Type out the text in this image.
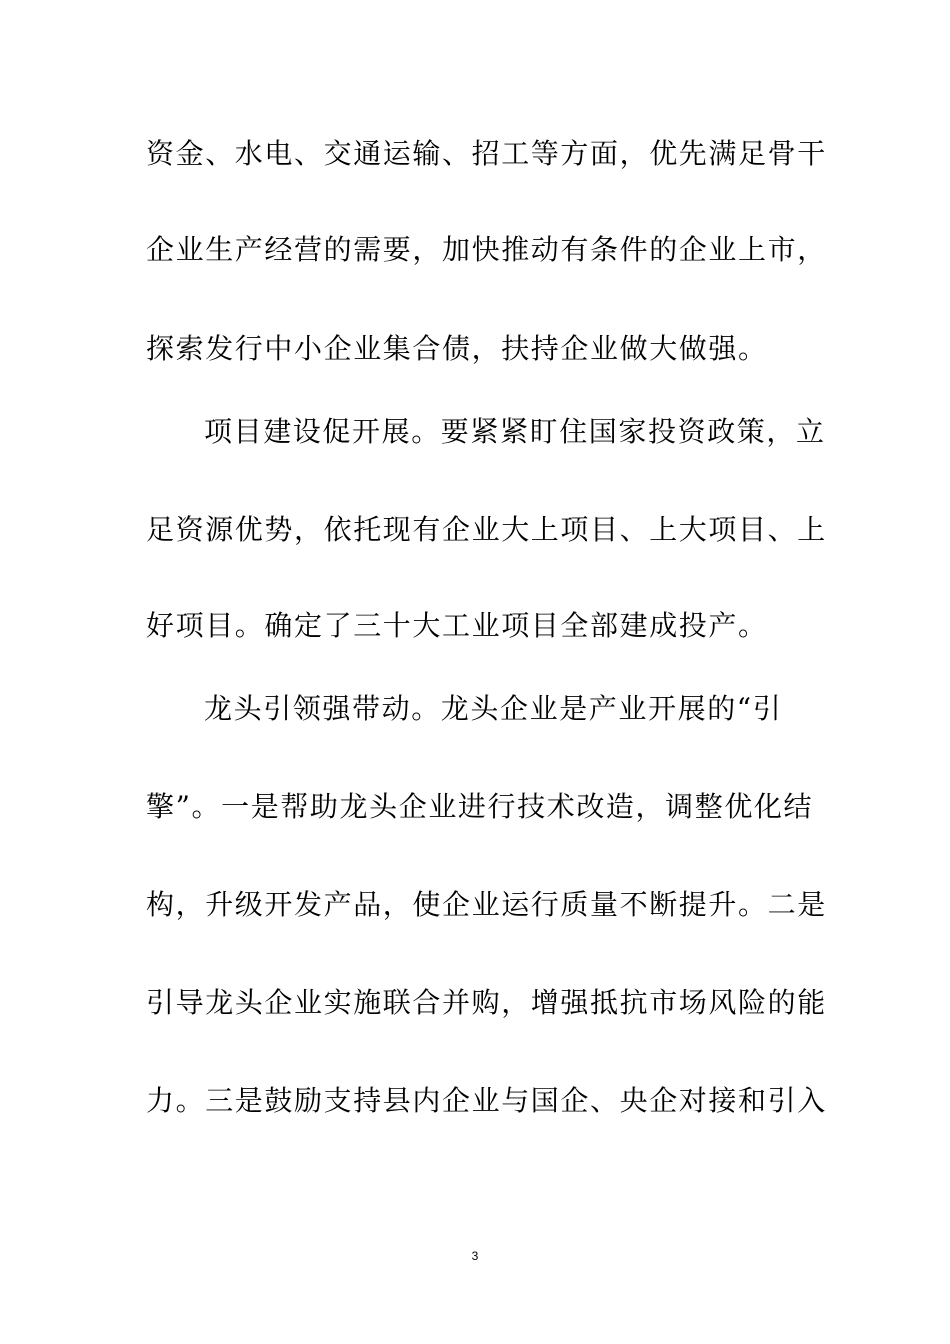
资金、水电、交通运输、招工等方面，优先满足骨干
企业生产经营的需要，加快推动有条件的企业上市，
探索发行中小企业集合债，扶持企业做大做强。
项目建设促开展。要紧紧盯住国家投资政策，立
足资源优势，依托现有企业大上项目、上大项目、上
好项目。确定了三十大工业项目全部建成投产。
龙头引领强带动。龙头企业是产业开展的“引
擎”。一是帮助龙头企业进行技术改造，调整优化结
构，升级开发产品，使企业运行质量不断提升。二是
引导龙头企业实施联合并购，增强抵抗市场风险的能
力。三是鼓励支持县内企业与国企、央企对接和引入
3
